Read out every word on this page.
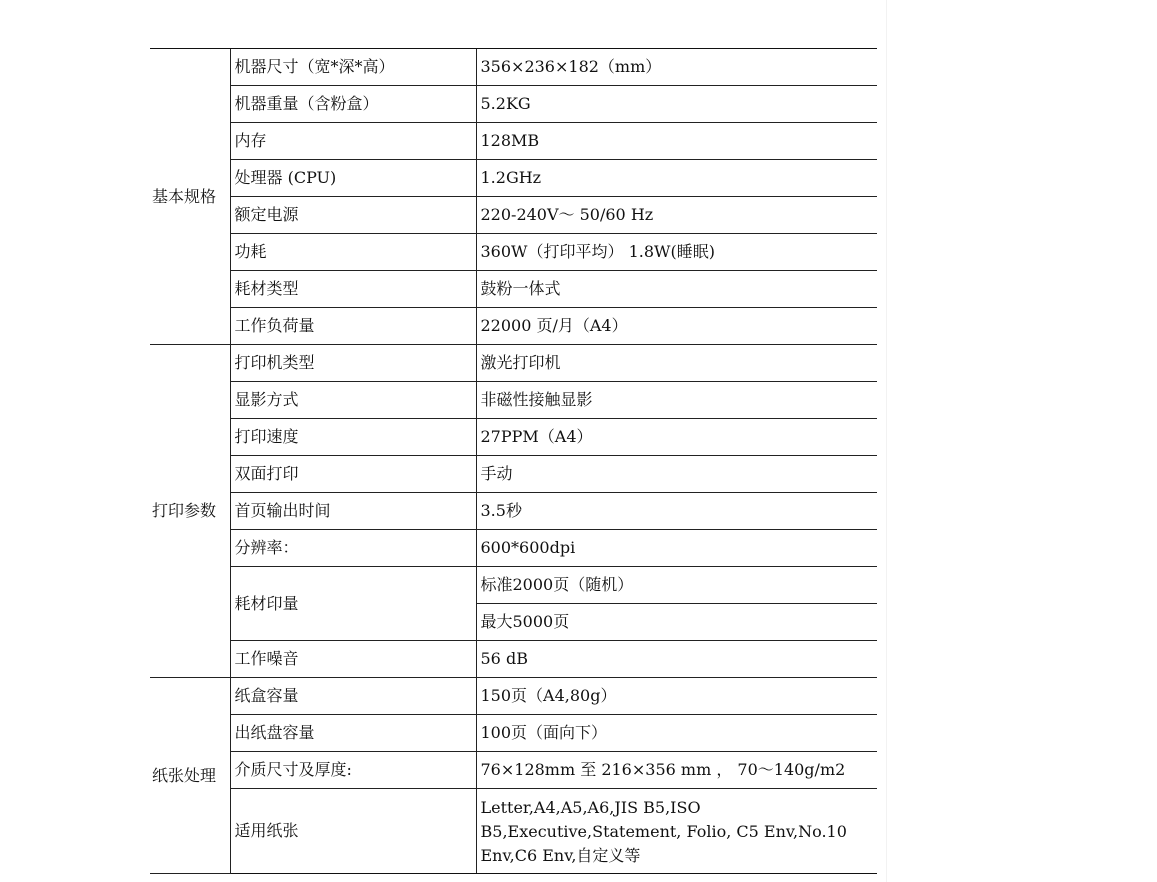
基本规格	机器尺寸（宽*深*高）	356×236×182（mm）
	机器重量（含粉盒）	5.2KG
	内存	128MB
	处理器 (CPU)	1.2GHz
	额定电源	220-240V～ 50/60 Hz
	功耗	360W（打印平均） 1.8W(睡眠)
	耗材类型	鼓粉一体式
	工作负荷量	22000 页/月（A4）
打印参数	打印机类型	激光打印机
	显影方式	非磁性接触显影
	打印速度	27PPM（A4）
	双面打印	手动
	首页输出时间	3.5秒
	分辨率：	600*600dpi
	耗材印量	标准2000页（随机）
		最大5000页
	工作噪音	56 dB
纸张处理	纸盒容量	150页（A4,80g）
	出纸盘容量	100页（面向下）
	介质尺寸及厚度:	76×128mm 至 216×356 mm ， 70～140g/m2
	适用纸张	Letter,A4,A5,A6,JIS B5,ISO B5,Executive,Statement, Folio, C5 Env,No.10 Env,C6 Env,自定义等
